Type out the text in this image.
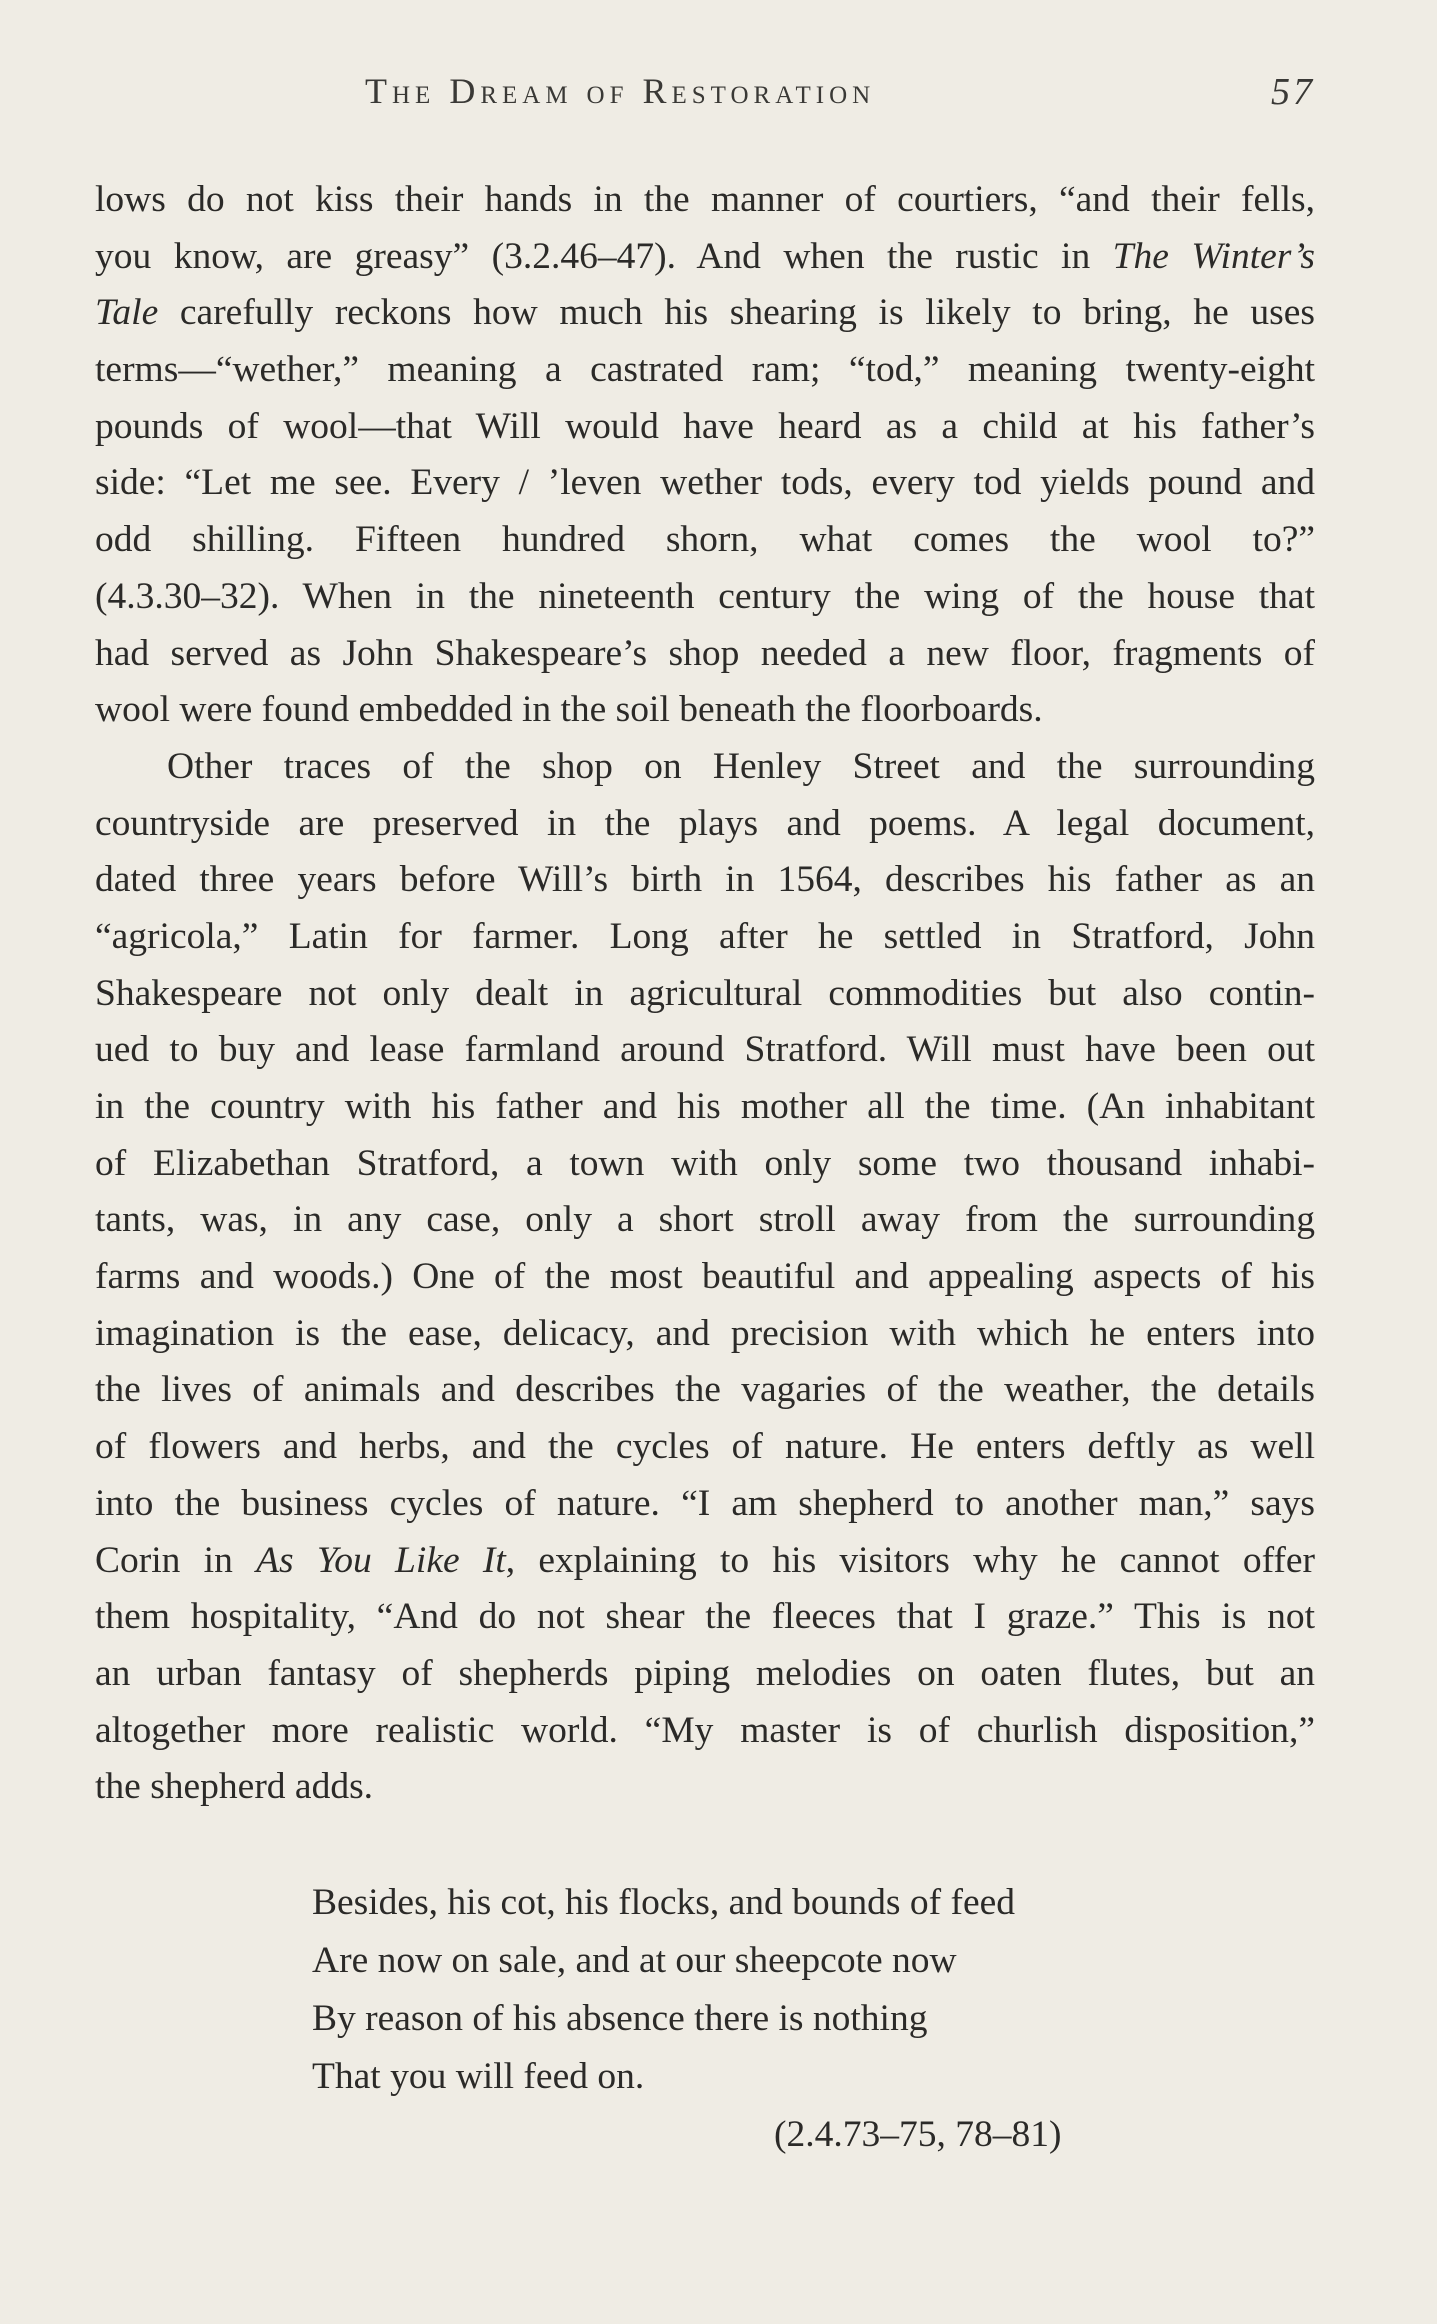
The Dream of Restoration	57
lows do not kiss their hands in the manner of courtiers, “and their fells,
you know, are greasy” (3.2.46–47). And when the rustic in The Winter’s
Tale carefully reckons how much his shearing is likely to bring, he uses
terms—“wether,” meaning a castrated ram; “tod,” meaning twenty-eight
pounds of wool—that Will would have heard as a child at his father’s
side: “Let me see. Every / ’leven wether tods, every tod yields pound and
odd shilling. Fifteen hundred shorn, what comes the wool to?”
(4.3.30–32). When in the nineteenth century the wing of the house that
had served as John Shakespeare’s shop needed a new floor, fragments of
wool were found embedded in the soil beneath the floorboards.
Other traces of the shop on Henley Street and the surrounding
countryside are preserved in the plays and poems. A legal document,
dated three years before Will’s birth in 1564, describes his father as an
“agricola,” Latin for farmer. Long after he settled in Stratford, John
Shakespeare not only dealt in agricultural commodities but also contin-
ued to buy and lease farmland around Stratford. Will must have been out
in the country with his father and his mother all the time. (An inhabitant
of Elizabethan Stratford, a town with only some two thousand inhabi-
tants, was, in any case, only a short stroll away from the surrounding
farms and woods.) One of the most beautiful and appealing aspects of his
imagination is the ease, delicacy, and precision with which he enters into
the lives of animals and describes the vagaries of the weather, the details
of flowers and herbs, and the cycles of nature. He enters deftly as well
into the business cycles of nature. “I am shepherd to another man,” says
Corin in As You Like It, explaining to his visitors why he cannot offer
them hospitality, “And do not shear the fleeces that I graze.” This is not
an urban fantasy of shepherds piping melodies on oaten flutes, but an
altogether more realistic world. “My master is of churlish disposition,”
the shepherd adds.
Besides, his cot, his flocks, and bounds of feed
Are now on sale, and at our sheepcote now
By reason of his absence there is nothing
That you will feed on.
(2.4.73–75, 78–81)
